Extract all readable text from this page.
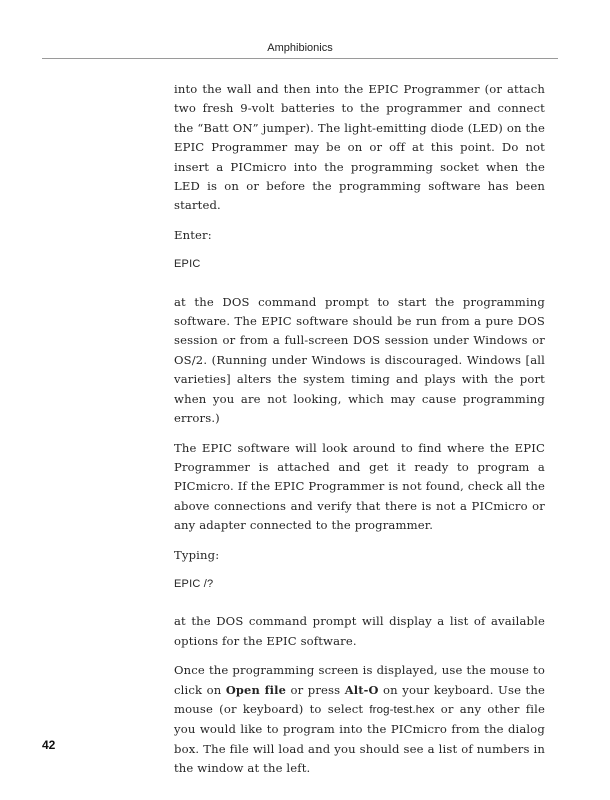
Amphibionics

into the wall and then into the EPIC Programmer (or attach two fresh 9-volt batteries to the programmer and connect the “Batt ON” jumper). The light-emitting diode (LED) on the EPIC Programmer may be on or off at this point. Do not insert a PICmicro into the programming socket when the LED is on or before the programming software has been started.

Enter:

EPIC

at the DOS command prompt to start the programming software. The EPIC software should be run from a pure DOS session or from a full-screen DOS session under Windows or OS/2. (Running under Windows is discouraged. Windows [all varieties] alters the system timing and plays with the port when you are not looking, which may cause programming errors.)

The EPIC software will look around to find where the EPIC Programmer is attached and get it ready to program a PICmicro. If the EPIC Programmer is not found, check all the above connections and verify that there is not a PICmicro or any adapter connected to the programmer.

Typing:

EPIC /?

at the DOS command prompt will display a list of available options for the EPIC software.

Once the programming screen is displayed, use the mouse to click on Open file or press Alt-O on your keyboard. Use the mouse (or keyboard) to select frog-test.hex or any other file you would like to program into the PICmicro from the dialog box. The file will load and you should see a list of numbers in the window at the left.

42
